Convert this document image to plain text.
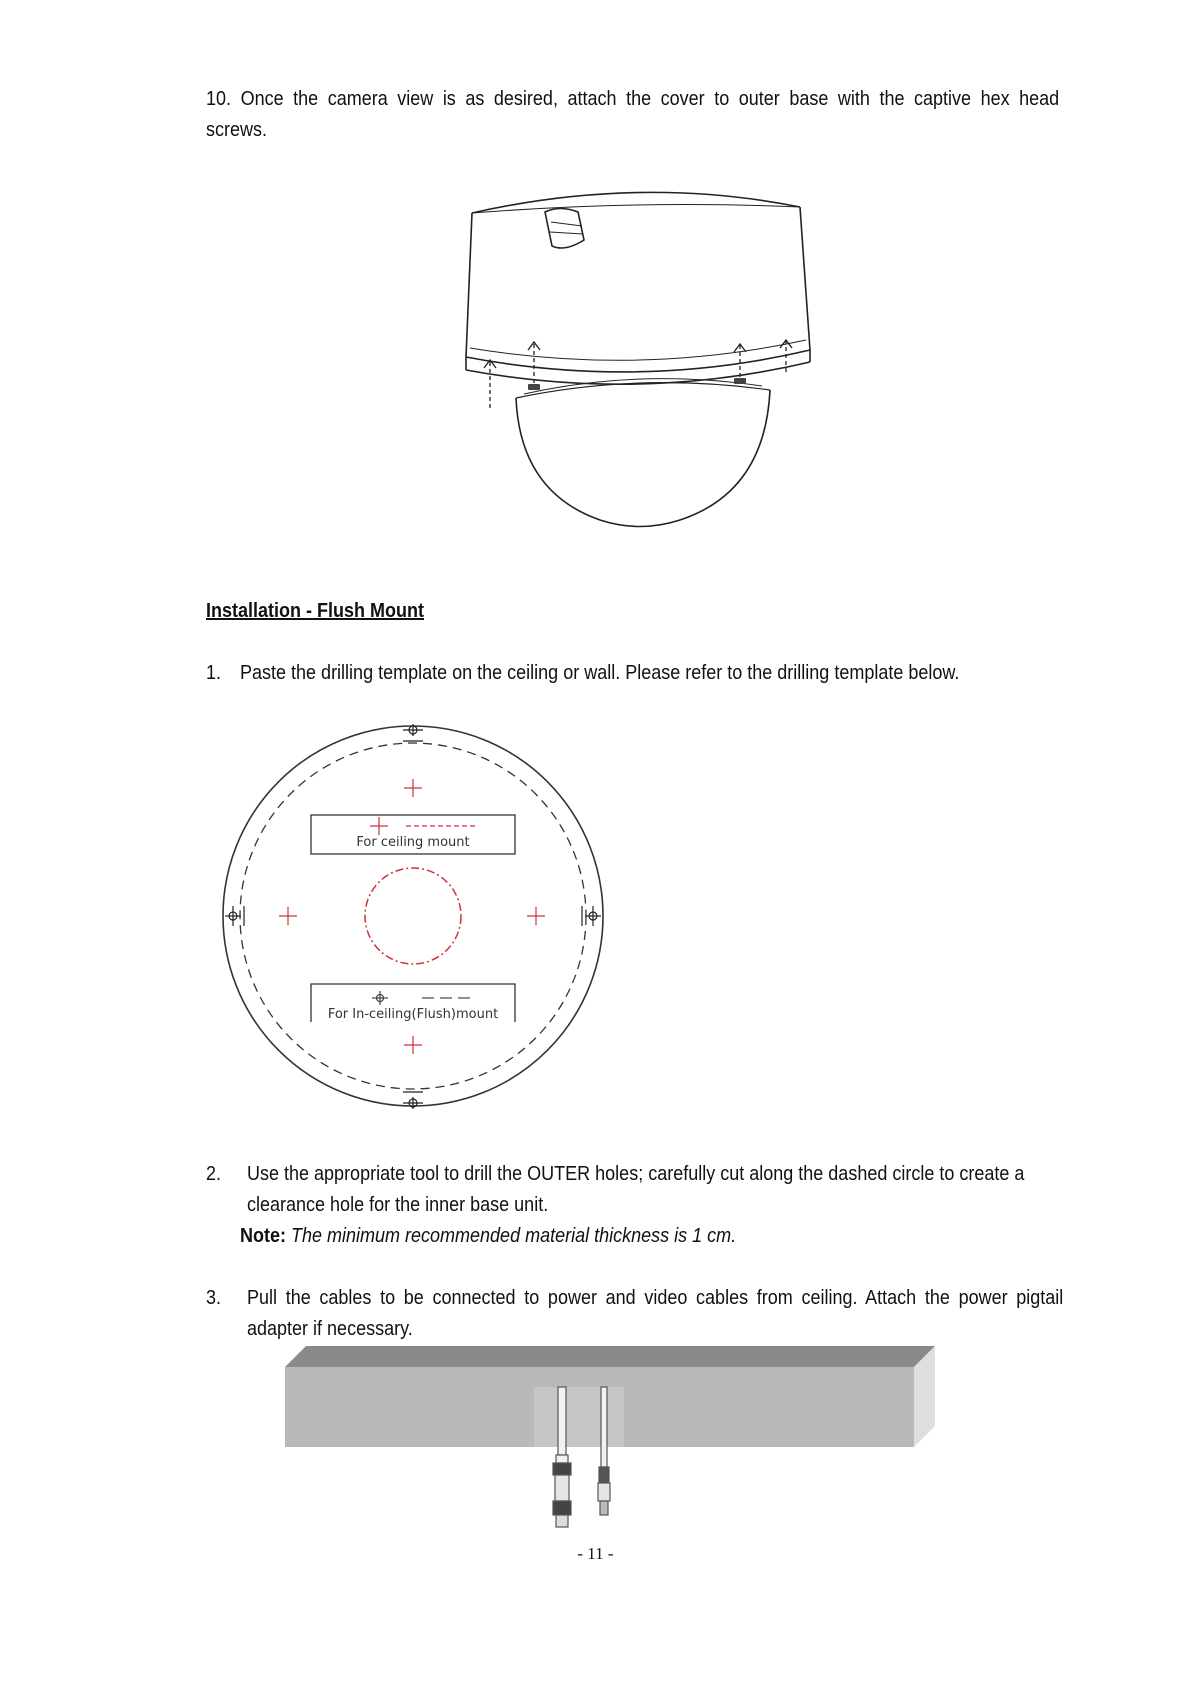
10. Once the camera view is as desired, attach the cover to outer base with the captive hex head
screws.
Installation - Flush Mount
1. Paste the drilling template on the ceiling or wall. Please refer to the drilling template below.
For ceiling mount
For In-ceiling(Flush)mount
2. Use the appropriate tool to drill the OUTER holes; carefully cut along the dashed circle to create a
clearance hole for the inner base unit.
Note: The minimum recommended material thickness is 1 cm.
3. Pull the cables to be connected to power and video cables from ceiling. Attach the power pigtail
adapter if necessary.
- 11 -
